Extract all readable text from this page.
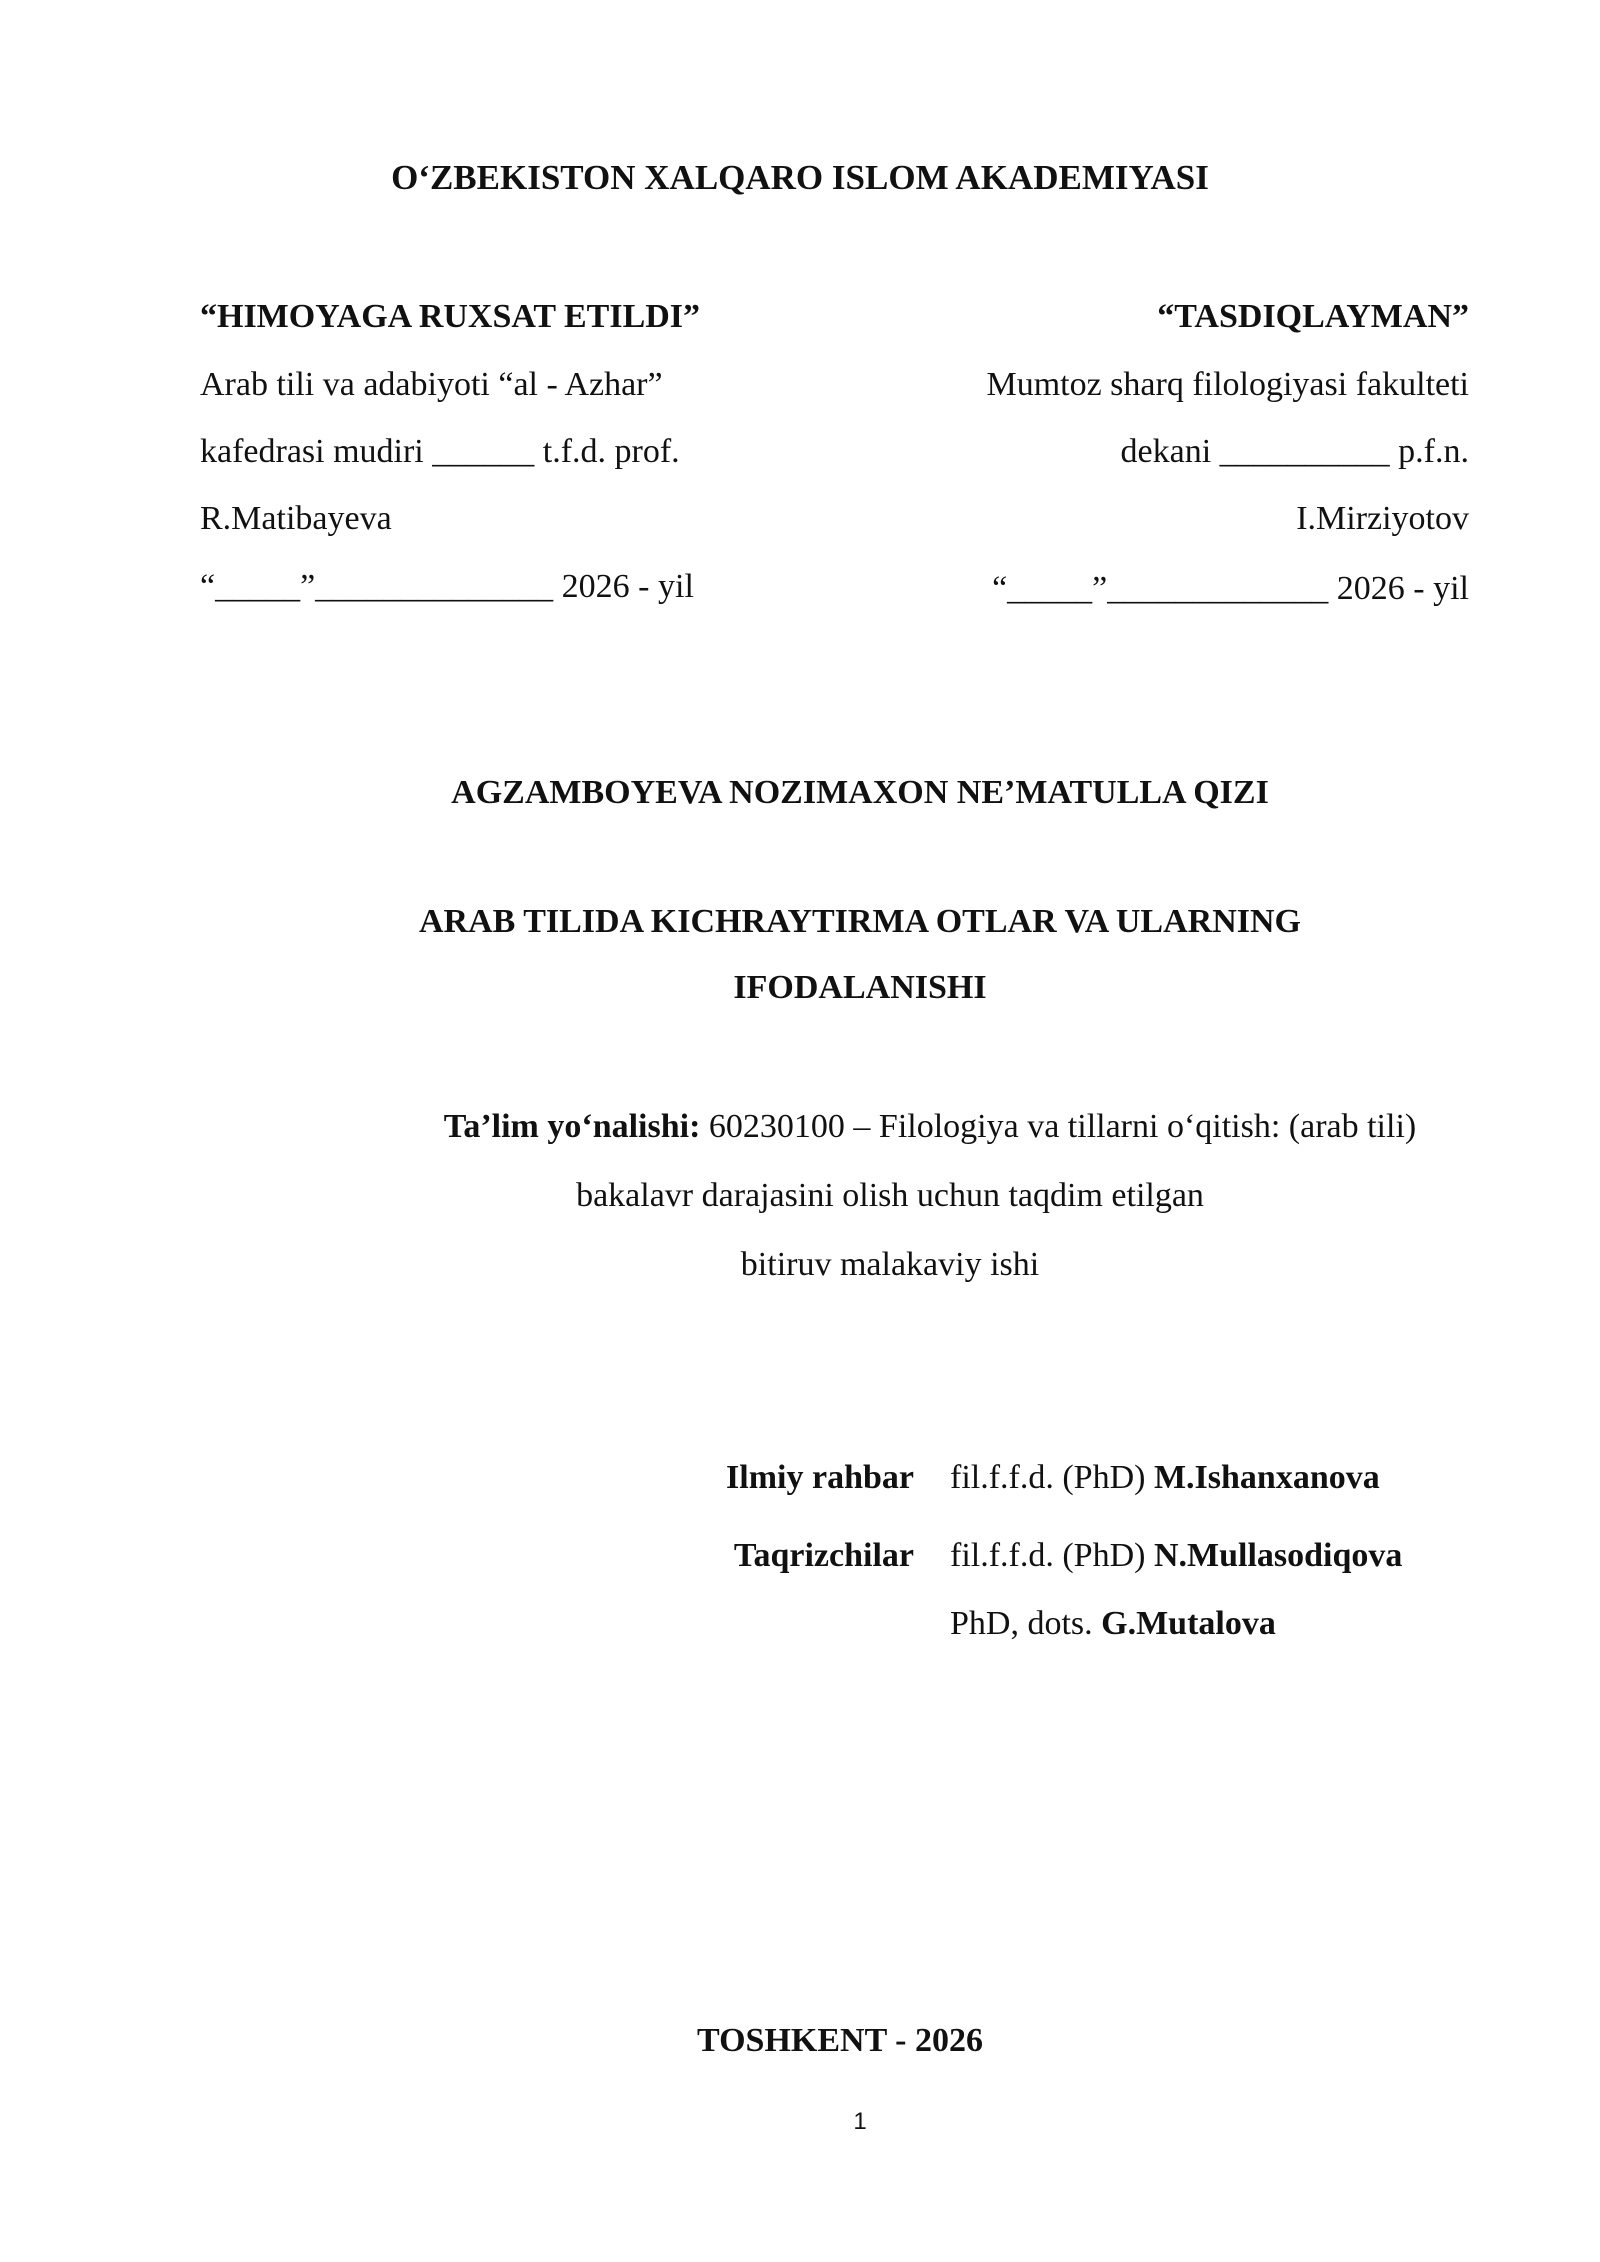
O‘ZBEKISTON XALQARO ISLOM AKADEMIYASI
“HIMOYAGA RUXSAT ETILDI”
Arab tili va adabiyoti “al - Azhar”
kafedrasi mudiri ______ t.f.d. prof.
R.Matibayeva
“_____”______________ 2026 - yil
“TASDIQLAYMAN”
Mumtoz sharq filologiyasi fakulteti
dekani __________ p.f.n.
I.Mirziyotov
“_____”_____________ 2026 - yil
AGZAMBOYEVA NOZIMAXON NE’MATULLA QIZI
ARAB TILIDA KICHRAYTIRMA OTLAR VA ULARNING
IFODALANISHI
Ta’lim yo‘nalishi: 60230100 – Filologiya va tillarni o‘qitish: (arab tili)
bakalavr darajasini olish uchun taqdim etilgan
bitiruv malakaviy ishi
Ilmiy rahbar fil.f.f.d. (PhD) M.Ishanxanova
Taqrizchilar fil.f.f.d. (PhD) N.Mullasodiqova
PhD, dots. G.Mutalova
TOSHKENT - 2026
1
